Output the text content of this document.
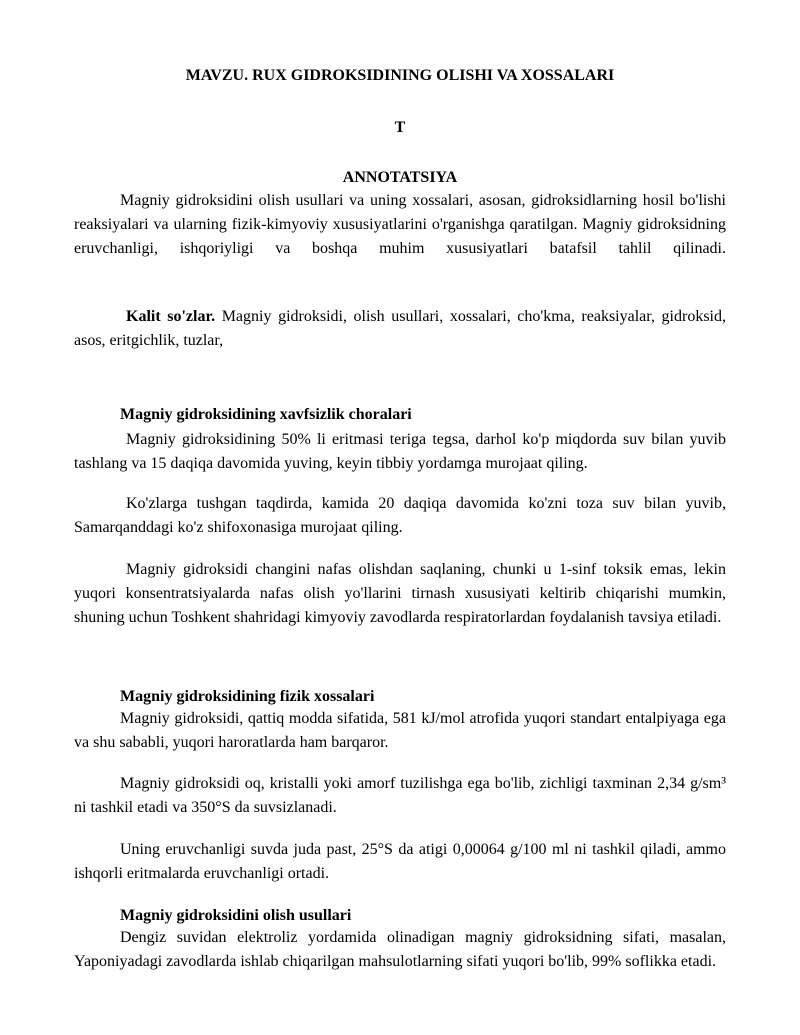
MAVZU. RUX GIDROKSIDINING OLISHI VA XOSSALARI
T
ANNOTATSIYA

Magniy gidroksidini olish usullari va uning xossalari, asosan, gidroksidlarning hosil bo'lishi reaksiyalari va ularning fizik-kimyoviy xususiyatlarini o'rganishga qaratilgan. Magniy gidroksidning eruvchanligi, ishqoriyligi va boshqa muhim xususiyatlari batafsil tahlil qilinadi.

Kalit so'zlar. Magniy gidroksidi, olish usullari, xossalari, cho'kma, reaksiyalar, gidroksid, asos, eritgichlik, tuzlar,

Magniy gidroksidining xavfsizlik choralari

Magniy gidroksidining 50% li eritmasi teriga tegsa, darhol ko'p miqdorda suv bilan yuvib tashlang va 15 daqiqa davomida yuving, keyin tibbiy yordamga murojaat qiling.

Ko'zlarga tushgan taqdirda, kamida 20 daqiqa davomida ko'zni toza suv bilan yuvib, Samarqanddagi ko'z shifoxonasiga murojaat qiling.

Magniy gidroksidi changini nafas olishdan saqlaning, chunki u 1-sinf toksik emas, lekin yuqori konsentratsiyalarda nafas olish yo'llarini tirnash xususiyati keltirib chiqarishi mumkin, shuning uchun Toshkent shahridagi kimyoviy zavodlarda respiratorlardan foydalanish tavsiya etiladi.

Magniy gidroksidining fizik xossalari

Magniy gidroksidi, qattiq modda sifatida, 581 kJ/mol atrofida yuqori standart entalpiyaga ega va shu sababli, yuqori haroratlarda ham barqaror.

Magniy gidroksidi oq, kristalli yoki amorf tuzilishga ega bo'lib, zichligi taxminan 2,34 g/sm³ ni tashkil etadi va 350°S da suvsizlanadi.

Uning eruvchanligi suvda juda past, 25°S da atigi 0,00064 g/100 ml ni tashkil qiladi, ammo ishqorli eritmalarda eruvchanligi ortadi.

Magniy gidroksidini olish usullari

Dengiz suvidan elektroliz yordamida olinadigan magniy gidroksidning sifati, masalan, Yaponiyadagi zavodlarda ishlab chiqarilgan mahsulotlarning sifati yuqori bo'lib, 99% soflikka etadi.
